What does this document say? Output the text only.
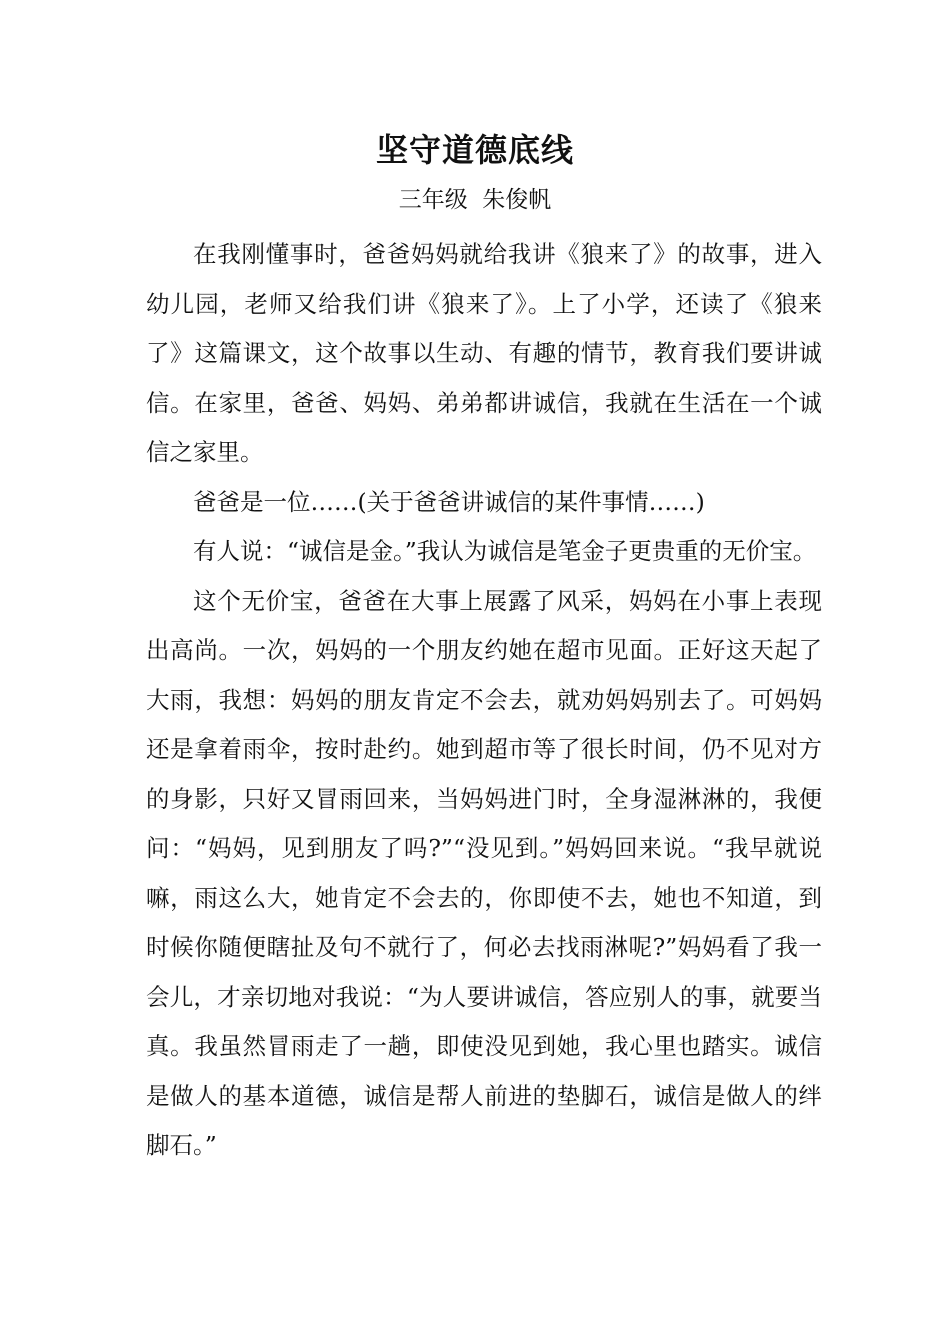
坚守道德底线

三年级  朱俊帆

在我刚懂事时，爸爸妈妈就给我讲《狼来了》的故事，进入幼儿园，老师又给我们讲《狼来了》。上了小学，还读了《狼来了》这篇课文，这个故事以生动、有趣的情节，教育我们要讲诚信。在家里，爸爸、妈妈、弟弟都讲诚信，我就在生活在一个诚信之家里。

爸爸是一位……(关于爸爸讲诚信的某件事情……)

有人说：“诚信是金。”我认为诚信是笔金子更贵重的无价宝。

这个无价宝，爸爸在大事上展露了风采，妈妈在小事上表现出高尚。一次，妈妈的一个朋友约她在超市见面。正好这天起了大雨，我想：妈妈的朋友肯定不会去，就劝妈妈别去了。可妈妈还是拿着雨伞，按时赴约。她到超市等了很长时间，仍不见对方的身影，只好又冒雨回来，当妈妈进门时，全身湿淋淋的，我便问：“妈妈，见到朋友了吗?”“没见到。”妈妈回来说。“我早就说嘛，雨这么大，她肯定不会去的，你即使不去，她也不知道，到时候你随便瞎扯及句不就行了，何必去找雨淋呢?”妈妈看了我一会儿，才亲切地对我说：“为人要讲诚信，答应别人的事，就要当真。我虽然冒雨走了一趟，即使没见到她，我心里也踏实。诚信是做人的基本道德，诚信是帮人前进的垫脚石，诚信是做人的绊脚石。”
